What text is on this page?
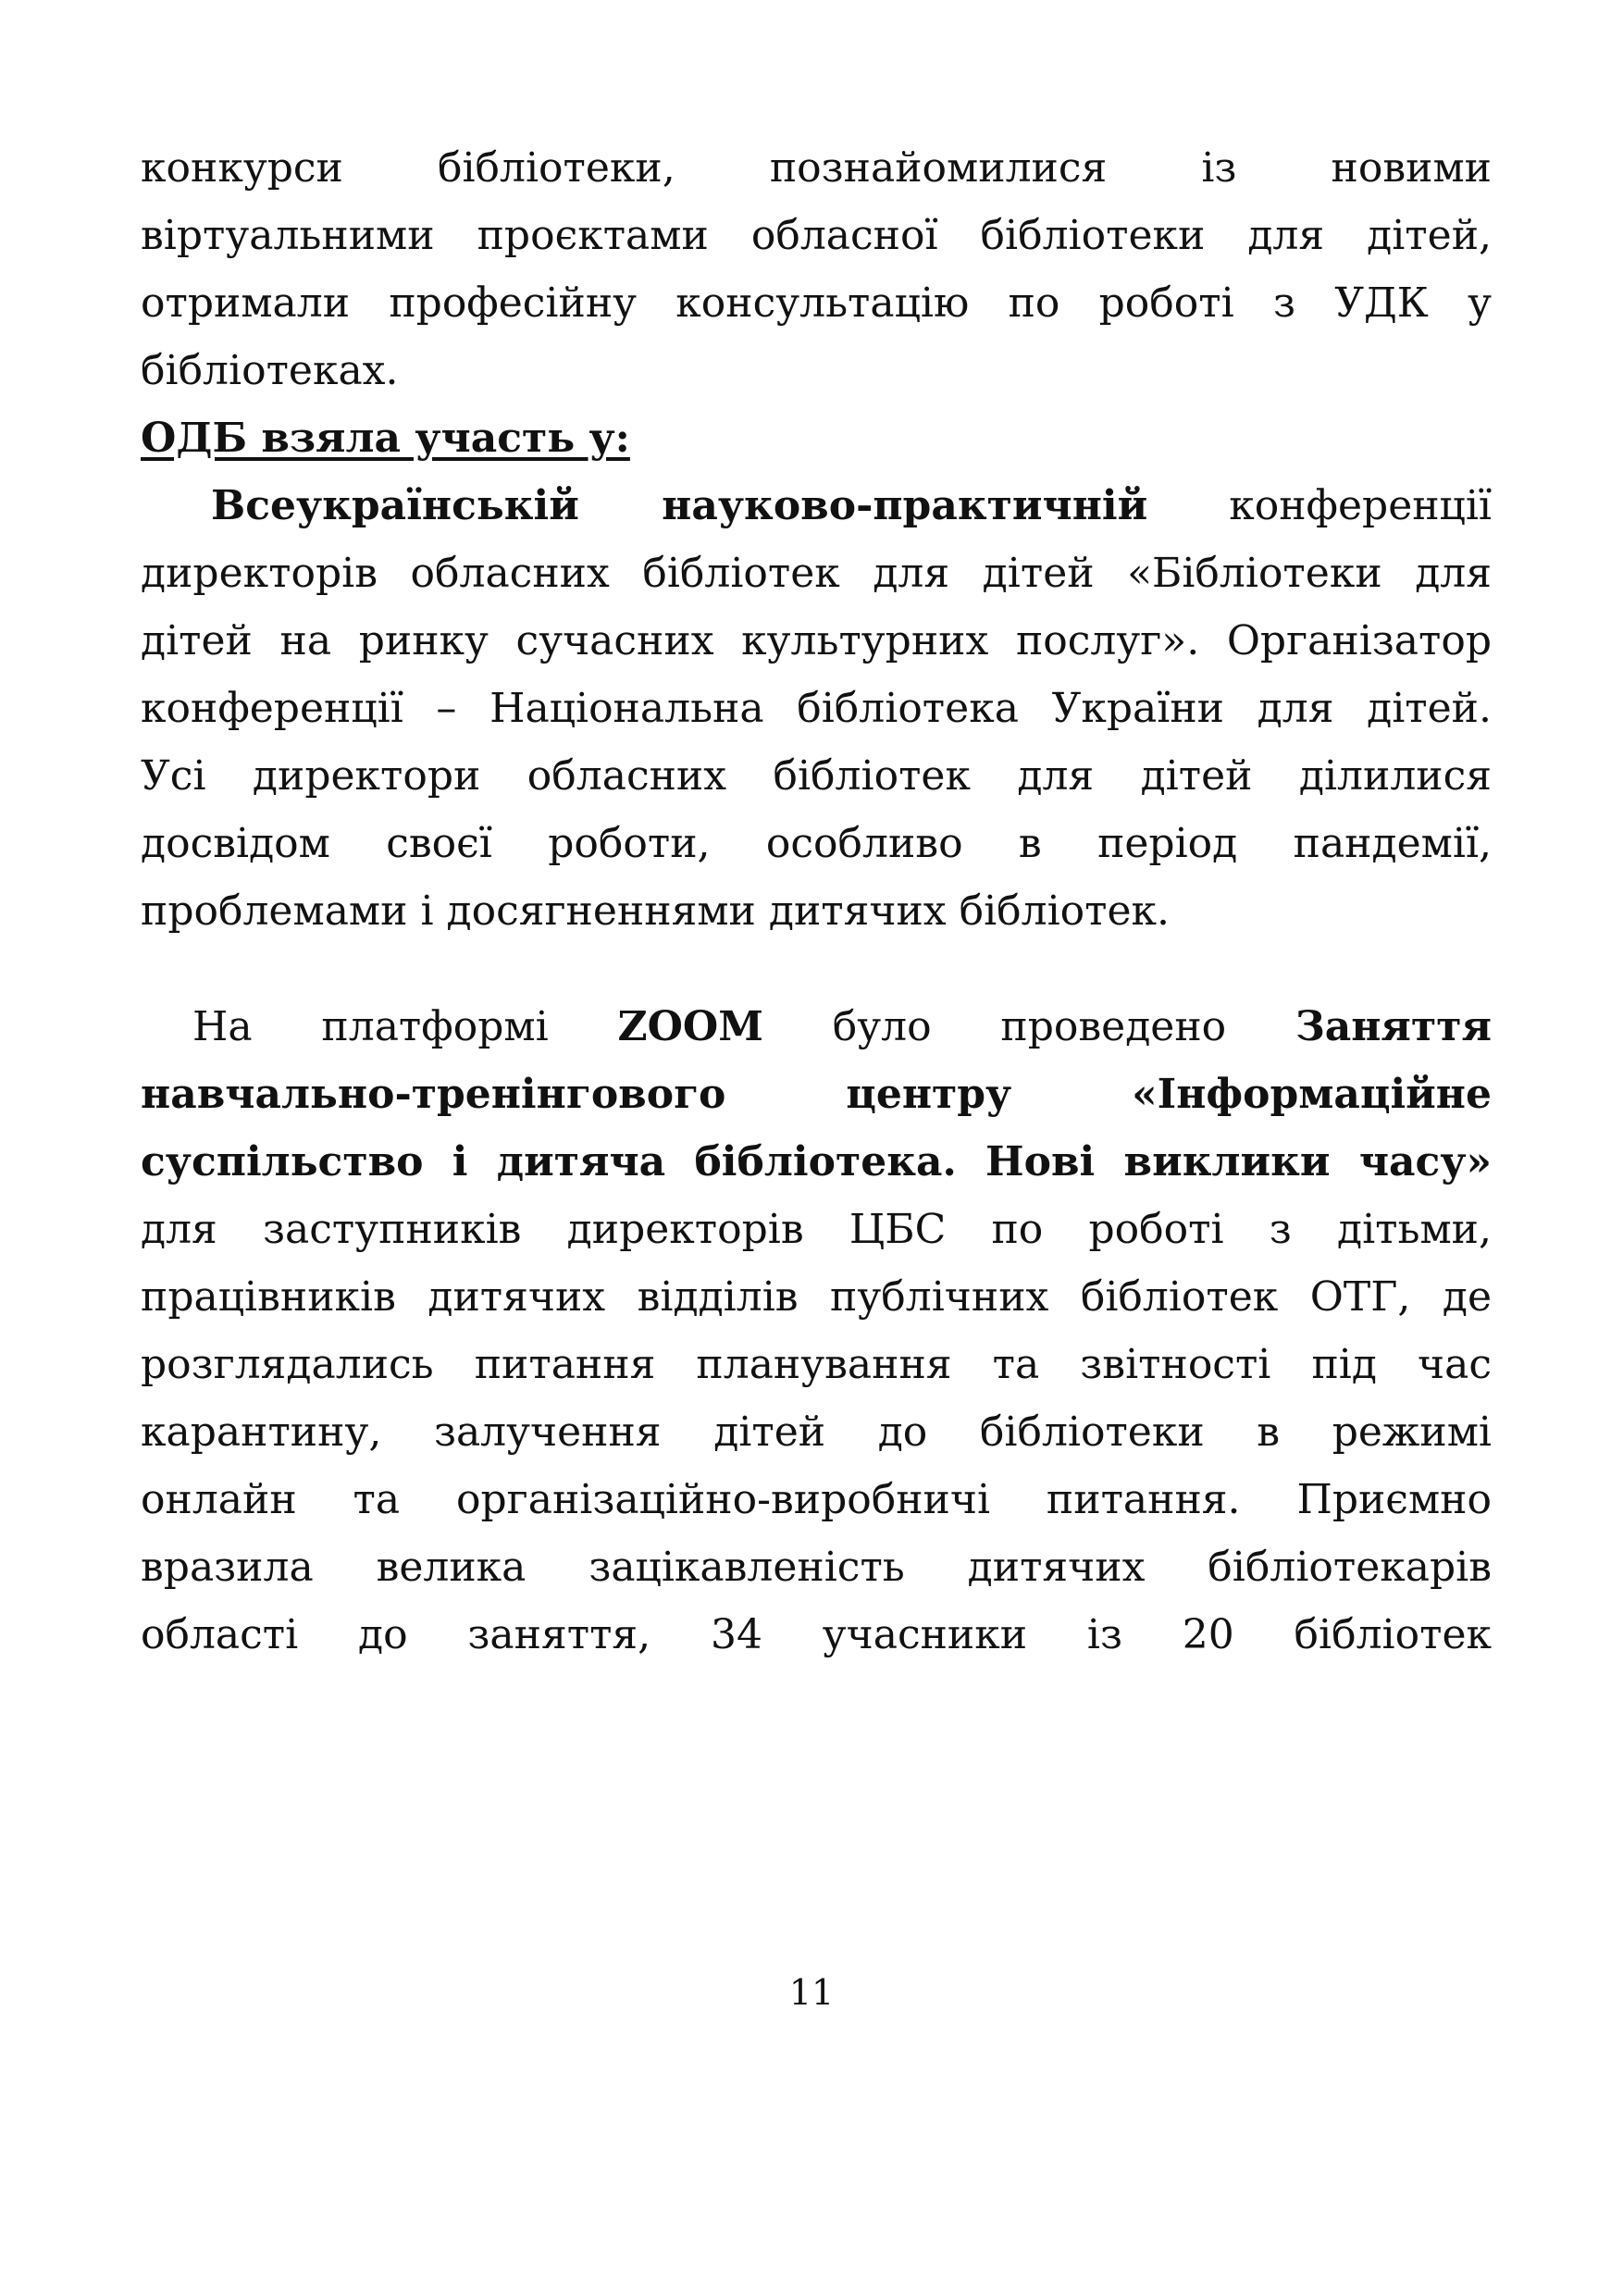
конкурси бібліотеки, познайомилися із новими
віртуальними проєктами обласної бібліотеки для дітей,
отримали професійну консультацію по роботі з УДК у
бібліотеках.
ОДБ взяла участь у:
Всеукраїнській науково-практичній конференції
директорів обласних бібліотек для дітей «Бібліотеки для
дітей на ринку сучасних культурних послуг». Організатор
конференції – Національна бібліотека України для дітей.
Усі директори обласних бібліотек для дітей ділилися
досвідом своєї роботи, особливо в період пандемії,
проблемами і досягненнями дитячих бібліотек.
На платформі ZOOM було проведено Заняття
навчально-тренінгового центру «Інформаційне
суспільство і дитяча бібліотека. Нові виклики часу»
для заступників директорів ЦБС по роботі з дітьми,
працівників дитячих відділів публічних бібліотек ОТГ, де
розглядались питання планування та звітності під час
карантину, залучення дітей до бібліотеки в режимі
онлайн та організаційно-виробничі питання. Приємно
вразила велика зацікавленість дитячих бібліотекарів
області до заняття, 34 учасники із 20 бібліотек
11
